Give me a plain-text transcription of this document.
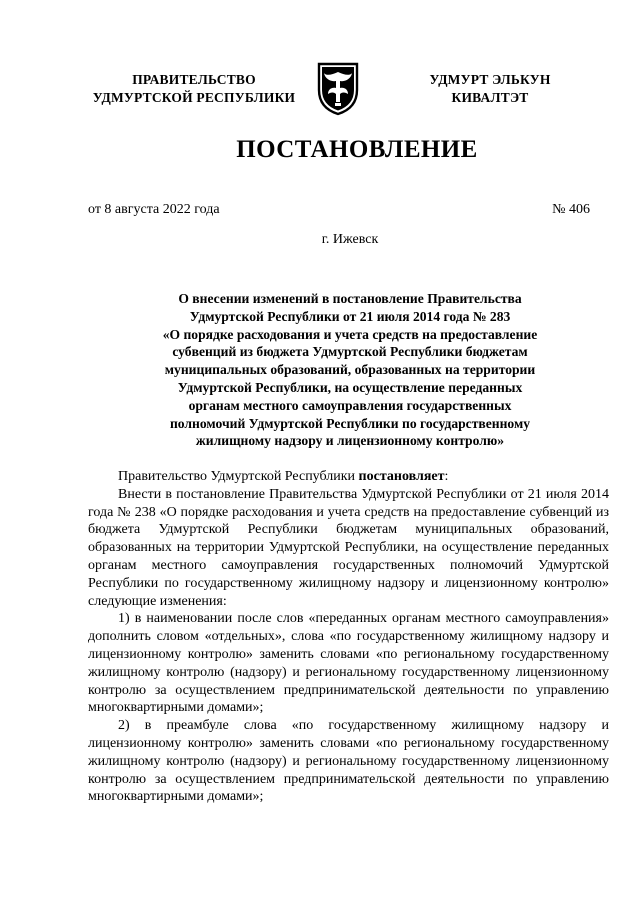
ПРАВИТЕЛЬСТВО
УДМУРТСКОЙ РЕСПУБЛИКИ
УДМУРТ ЭЛЬКУН
КИВАЛТЭТ
ПОСТАНОВЛЕНИЕ
от 8 августа 2022 года	№ 406
г. Ижевск
О внесении изменений в постановление Правительства
Удмуртской Республики от 21 июля 2014 года № 283
«О порядке расходования и учета средств на предоставление
субвенций из бюджета Удмуртской Республики бюджетам
муниципальных образований, образованных на территории
Удмуртской Республики, на осуществление переданных
органам местного самоуправления государственных
полномочий Удмуртской Республики по государственному
жилищному надзору и лицензионному контролю»

Правительство Удмуртской Республики постановляет:

Внести в постановление Правительства Удмуртской Республики от 21 июля 2014 года № 238 «О порядке расходования и учета средств на предоставление субвенций из бюджета Удмуртской Республики бюджетам муниципальных образований, образованных на территории Удмуртской Республики, на осуществление переданных органам местного самоуправления государственных полномочий Удмуртской Республики по государственному жилищному надзору и лицензионному контролю» следующие изменения:

1) в наименовании после слов «переданных органам местного самоуправления» дополнить словом «отдельных», слова «по государственному жилищному надзору и лицензионному контролю» заменить словами «по региональному государственному жилищному контролю (надзору) и региональному государственному лицензионному контролю за осуществлением предпринимательской деятельности по управлению многоквартирными домами»;

2) в преамбуле слова «по государственному жилищному надзору и лицензионному контролю» заменить словами «по региональному государственному жилищному контролю (надзору) и региональному государственному лицензионному контролю за осуществлением предпринимательской деятельности по управлению многоквартирными домами»;
